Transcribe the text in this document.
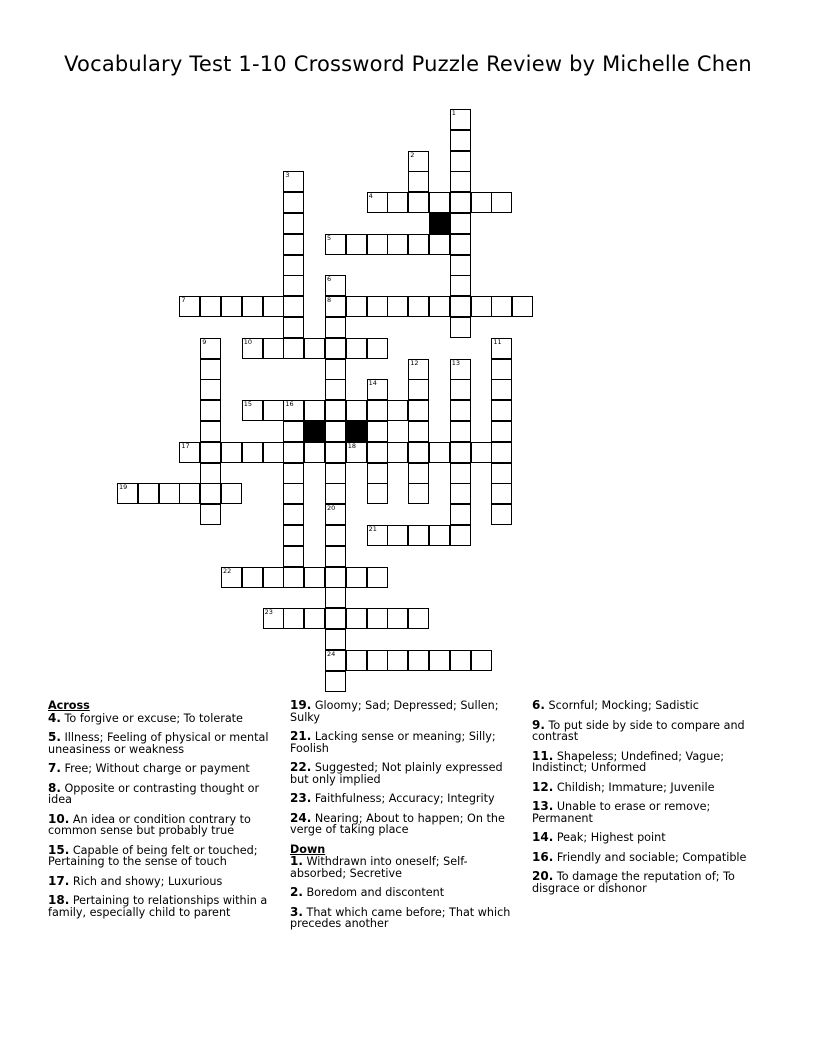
Vocabulary Test 1-10 Crossword Puzzle Review by Michelle Chen
1
2
3
4
5
6
8
20
24
7
9	10	11
12	13
14
15	16
17	18
19
21
22
23
Across
4. To forgive or excuse; To tolerate
5. Illness; Feeling of physical or mental uneasiness or weakness
7. Free; Without charge or payment
8. Opposite or contrasting thought or idea
10. An idea or condition contrary to common sense but probably true
15. Capable of being felt or touched; Pertaining to the sense of touch
17. Rich and showy; Luxurious
18. Pertaining to relationships within a family, especially child to parent
19. Gloomy; Sad; Depressed; Sullen; Sulky
21. Lacking sense or meaning; Silly; Foolish
22. Suggested; Not plainly expressed but only implied
23. Faithfulness; Accuracy; Integrity
24. Nearing; About to happen; On the verge of taking place
Down
1. Withdrawn into oneself; Self-absorbed; Secretive
2. Boredom and discontent
3. That which came before; That which precedes another
6. Scornful; Mocking; Sadistic
9. To put side by side to compare and contrast
11. Shapeless; Undefined; Vague; Indistinct; Unformed
12. Childish; Immature; Juvenile
13. Unable to erase or remove; Permanent
14. Peak; Highest point
16. Friendly and sociable; Compatible
20. To damage the reputation of; To disgrace or dishonor
